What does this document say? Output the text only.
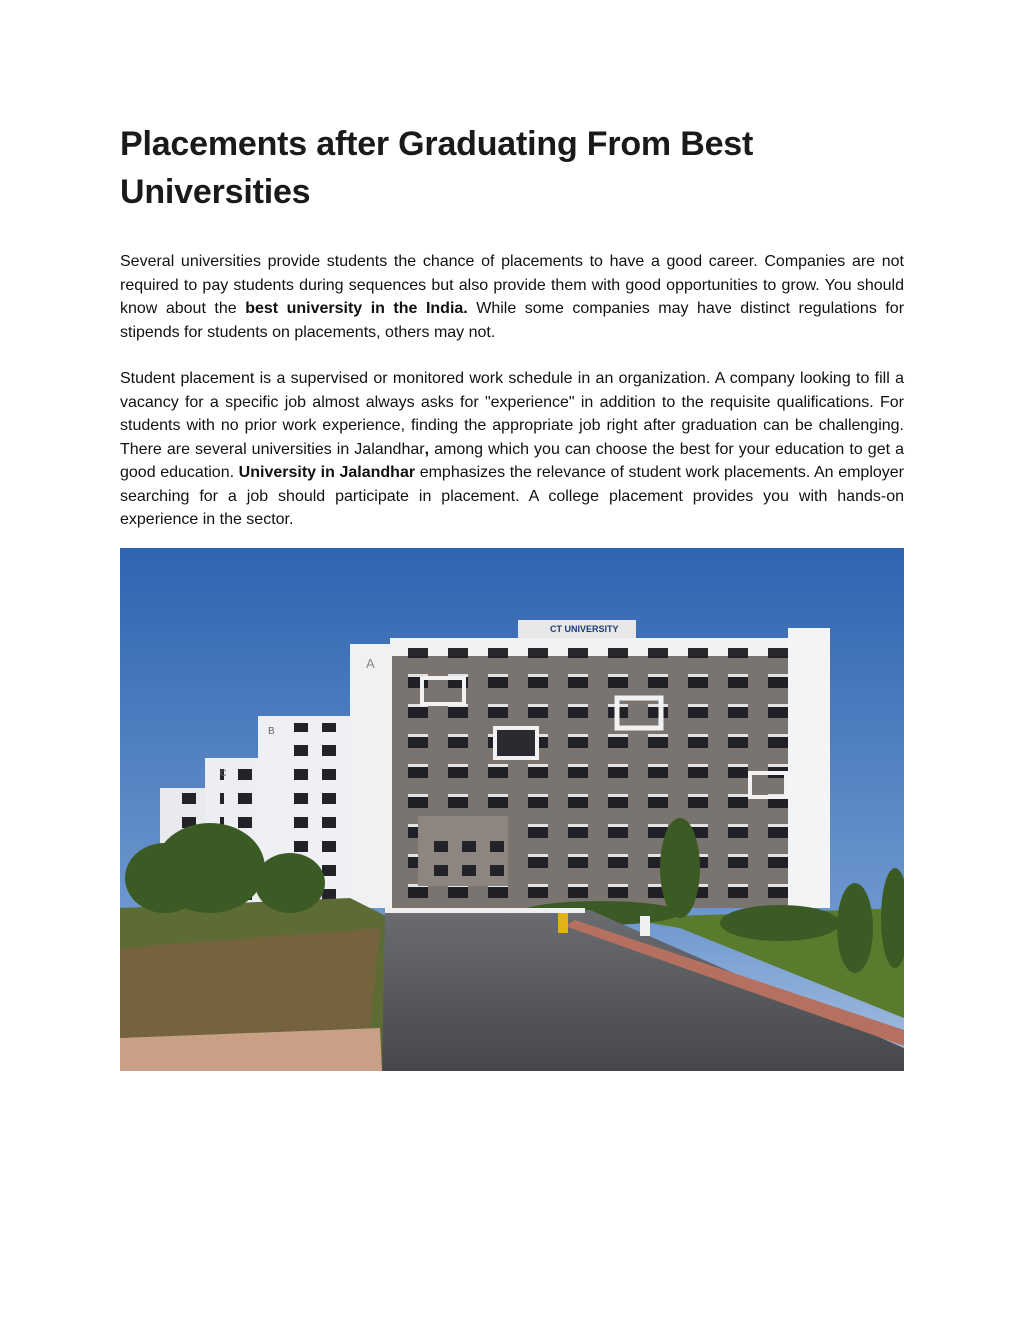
Placements after Graduating From Best Universities

Several universities provide students the chance of placements to have a good career. Companies are not required to pay students during sequences but also provide them with good opportunities to grow. You should know about the best university in the India. While some companies may have distinct regulations for stipends for students on placements, others may not.

Student placement is a supervised or monitored work schedule in an organization. A company looking to fill a vacancy for a specific job almost always asks for "experience" in addition to the requisite qualifications. For students with no prior work experience, finding the appropriate job right after graduation can be challenging. There are several universities in Jalandhar, among which you can choose the best for your education to get a good education. University in Jalandhar emphasizes the relevance of student work placements. An employer searching for a job should participate in placement. A college placement provides you with hands-on experience in the sector.

C
B
A
CT UNIVERSITY
